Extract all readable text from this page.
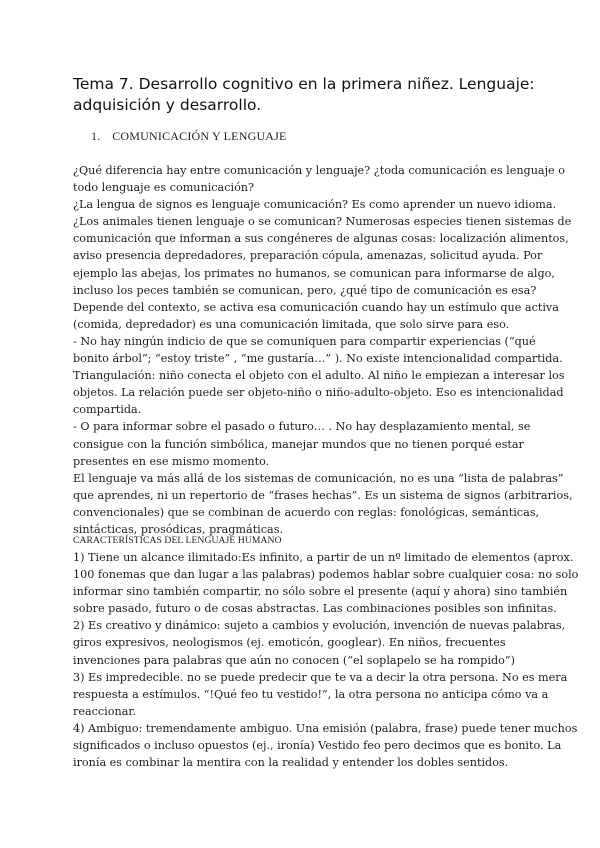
Tema 7. Desarrollo cognitivo en la primera niñez. Lenguaje:
adquisición y desarrollo.
1. COMUNICACIÓN Y LENGUAJE

¿Qué diferencia hay entre comunicación y lenguaje? ¿toda comunicación es lenguaje o
todo lenguaje es comunicación?
¿La lengua de signos es lenguaje comunicación? Es como aprender un nuevo idioma.
¿Los animales tienen lenguaje o se comunican? Numerosas especies tienen sistemas de
comunicación que informan a sus congéneres de algunas cosas: localización alimentos,
aviso presencia depredadores, preparación cópula, amenazas, solicitud ayuda. Por
ejemplo las abejas, los primates no humanos, se comunican para informarse de algo,
incluso los peces también se comunican, pero, ¿qué tipo de comunicación es esa?
Depende del contexto, se activa esa comunicación cuando hay un estímulo que activa
(comida, depredador) es una comunicación limitada, que solo sirve para eso.
- No hay ningún indicio de que se comuniquen para compartir experiencias (“qué
bonito árbol”; “estoy triste” , “me gustaría…” ). No existe intencionalidad compartida.
Triangulación: niño conecta el objeto con el adulto. Al niño le empiezan a interesar los
objetos. La relación puede ser objeto-niño o niño-adulto-objeto. Eso es intencionalidad
compartida.
- O para informar sobre el pasado o futuro… . No hay desplazamiento mental, se
consigue con la función simbólica, manejar mundos que no tienen porqué estar
presentes en ese mismo momento.
El lenguaje va más allá de los sistemas de comunicación, no es una “lista de palabras”
que aprendes, ni un repertorio de “frases hechas”. Es un sistema de signos (arbitrarios,
convencionales) que se combinan de acuerdo con reglas: fonológicas, semánticas,
sintácticas, prosódicas, pragmáticas.

CARACTERÍSTICAS DEL LENGUAJE HUMANO

1) Tiene un alcance ilimitado:Es infinito, a partir de un nº limitado de elementos (aprox.
100 fonemas que dan lugar a las palabras) podemos hablar sobre cualquier cosa: no solo
informar sino también compartir, no sólo sobre el presente (aquí y ahora) sino también
sobre pasado, futuro o de cosas abstractas. Las combinaciones posibles son infinitas.
2) Es creativo y dinámico: sujeto a cambios y evolución, invención de nuevas palabras,
giros expresivos, neologismos (ej. emoticón, googlear). En niños, frecuentes
invenciones para palabras que aún no conocen (“el soplapelo se ha rompido”)
3) Es impredecible. no se puede predecir que te va a decir la otra persona. No es mera
respuesta a estímulos. “!Qué feo tu vestido!”, la otra persona no anticipa cómo va a
reaccionar.
4) Ambiguo: tremendamente ambiguo. Una emisión (palabra, frase) puede tener muchos
significados o incluso opuestos (ej., ironía) Vestido feo pero decimos que es bonito. La
ironía es combinar la mentira con la realidad y entender los dobles sentidos.
